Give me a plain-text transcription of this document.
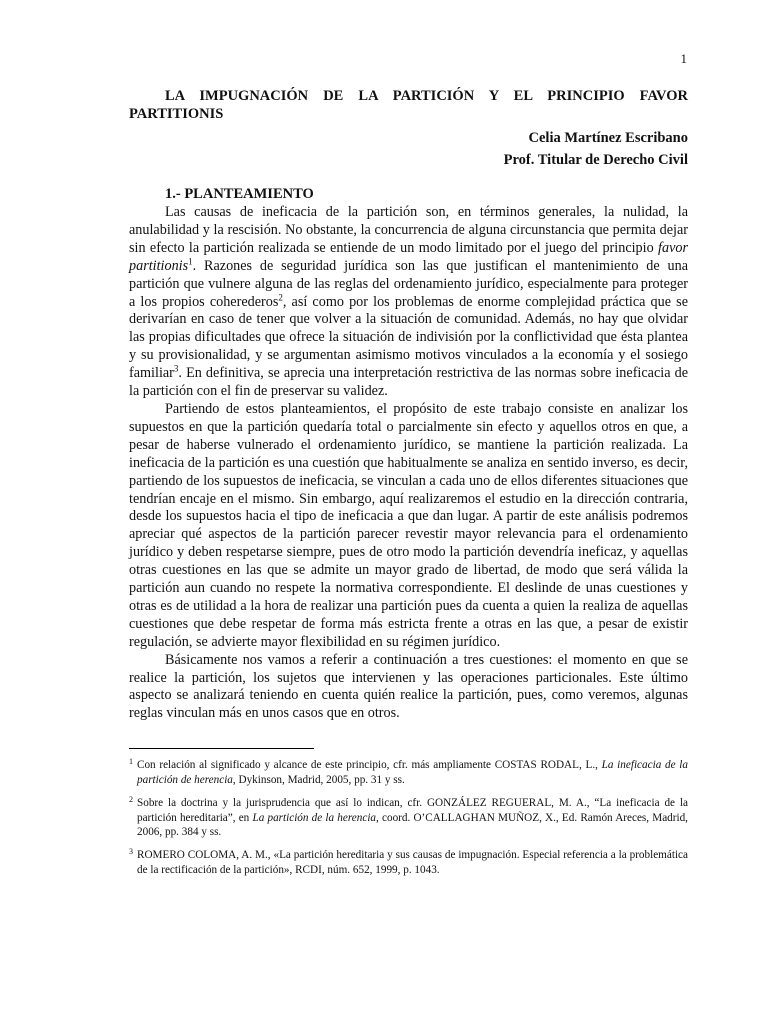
1
LA IMPUGNACIÓN DE LA PARTICIÓN Y EL PRINCIPIO FAVOR PARTITIONIS
Celia Martínez Escribano
Prof. Titular de Derecho Civil
1.- PLANTEAMIENTO

Las causas de ineficacia de la partición son, en términos generales, la nulidad, la anulabilidad y la rescisión. No obstante, la concurrencia de alguna circunstancia que permita dejar sin efecto la partición realizada se entiende de un modo limitado por el juego del principio favor partitionis$^1$. Razones de seguridad jurídica son las que justifican el mantenimiento de una partición que vulnere alguna de las reglas del ordenamiento jurídico, especialmente para proteger a los propios coherederos$^2$, así como por los problemas de enorme complejidad práctica que se derivarían en caso de tener que volver a la situación de comunidad. Además, no hay que olvidar las propias dificultades que ofrece la situación de indivisión por la conflictividad que ésta plantea y su provisionalidad, y se argumentan asimismo motivos vinculados a la economía y el sosiego familiar$^3$. En definitiva, se aprecia una interpretación restrictiva de las normas sobre ineficacia de la partición con el fin de preservar su validez.

Partiendo de estos planteamientos, el propósito de este trabajo consiste en analizar los supuestos en que la partición quedaría total o parcialmente sin efecto y aquellos otros en que, a pesar de haberse vulnerado el ordenamiento jurídico, se mantiene la partición realizada. La ineficacia de la partición es una cuestión que habitualmente se analiza en sentido inverso, es decir, partiendo de los supuestos de ineficacia, se vinculan a cada uno de ellos diferentes situaciones que tendrían encaje en el mismo. Sin embargo, aquí realizaremos el estudio en la dirección contraria, desde los supuestos hacia el tipo de ineficacia a que dan lugar. A partir de este análisis podremos apreciar qué aspectos de la partición parecer revestir mayor relevancia para el ordenamiento jurídico y deben respetarse siempre, pues de otro modo la partición devendría ineficaz, y aquellas otras cuestiones en las que se admite un mayor grado de libertad, de modo que será válida la partición aun cuando no respete la normativa correspondiente. El deslinde de unas cuestiones y otras es de utilidad a la hora de realizar una partición pues da cuenta a quien la realiza de aquellas cuestiones que debe respetar de forma más estricta frente a otras en las que, a pesar de existir regulación, se advierte mayor flexibilidad en su régimen jurídico.

Básicamente nos vamos a referir a continuación a tres cuestiones: el momento en que se realice la partición, los sujetos que intervienen y las operaciones particionales. Este último aspecto se analizará teniendo en cuenta quién realice la partición, pues, como veremos, algunas reglas vinculan más en unos casos que en otros.

1 Con relación al significado y alcance de este principio, cfr. más ampliamente COSTAS RODAL, L., La ineficacia de la partición de herencia, Dykinson, Madrid, 2005, pp. 31 y ss.
2 Sobre la doctrina y la jurisprudencia que así lo indican, cfr. GONZÁLEZ REGUERAL, M. A., “La ineficacia de la partición hereditaria”, en La partición de la herencia, coord. O’CALLAGHAN MUÑOZ, X., Ed. Ramón Areces, Madrid, 2006, pp. 384 y ss.
3 ROMERO COLOMA, A. M., «La partición hereditaria y sus causas de impugnación. Especial referencia a la problemática de la rectificación de la partición», RCDI, núm. 652, 1999, p. 1043.
